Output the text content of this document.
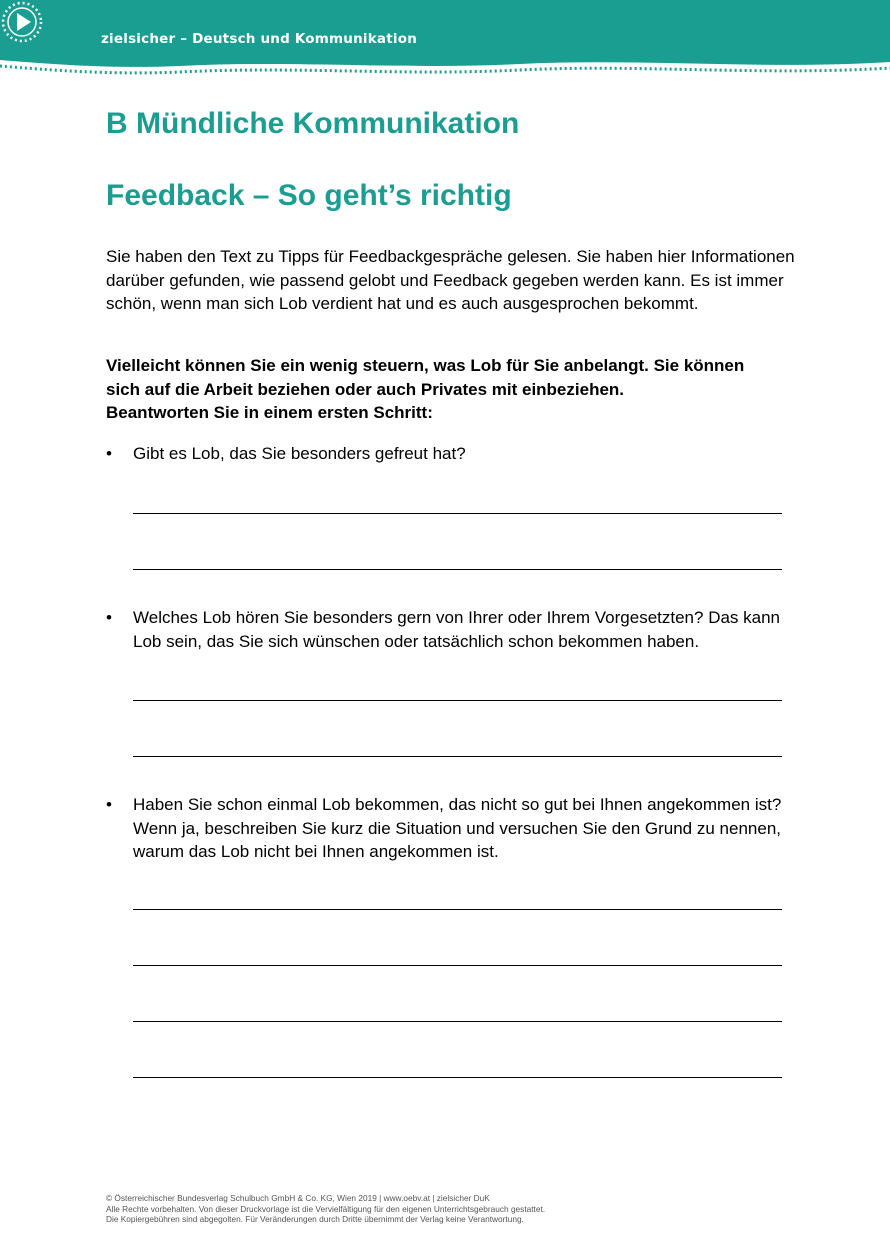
zielsicher – Deutsch und Kommunikation
B Mündliche Kommunikation
Feedback – So geht’s richtig

Sie haben den Text zu Tipps für Feedbackgespräche gelesen. Sie haben hier Informationen darüber gefunden, wie passend gelobt und Feedback gegeben werden kann. Es ist immer schön, wenn man sich Lob verdient hat und es auch ausgesprochen bekommt.

Vielleicht können Sie ein wenig steuern, was Lob für Sie anbelangt. Sie können
sich auf die Arbeit beziehen oder auch Privates mit einbeziehen.
Beantworten Sie in einem ersten Schritt:
• Gibt es Lob, das Sie besonders gefreut hat?

• Welches Lob hören Sie besonders gern von Ihrer oder Ihrem Vorgesetzten? Das kann Lob sein, das Sie sich wünschen oder tatsächlich schon bekommen haben.

• Haben Sie schon einmal Lob bekommen, das nicht so gut bei Ihnen angekommen ist? Wenn ja, beschreiben Sie kurz die Situation und versuchen Sie den Grund zu nennen, warum das Lob nicht bei Ihnen angekommen ist.

© Österreichischer Bundesverlag Schulbuch GmbH & Co. KG, Wien 2019 | www.oebv.at | zielsicher DuK
Alle Rechte vorbehalten. Von dieser Druckvorlage ist die Vervielfältigung für den eigenen Unterrichtsgebrauch gestattet.
Die Kopiergebühren sind abgegolten. Für Veränderungen durch Dritte übernimmt der Verlag keine Verantwortung.
